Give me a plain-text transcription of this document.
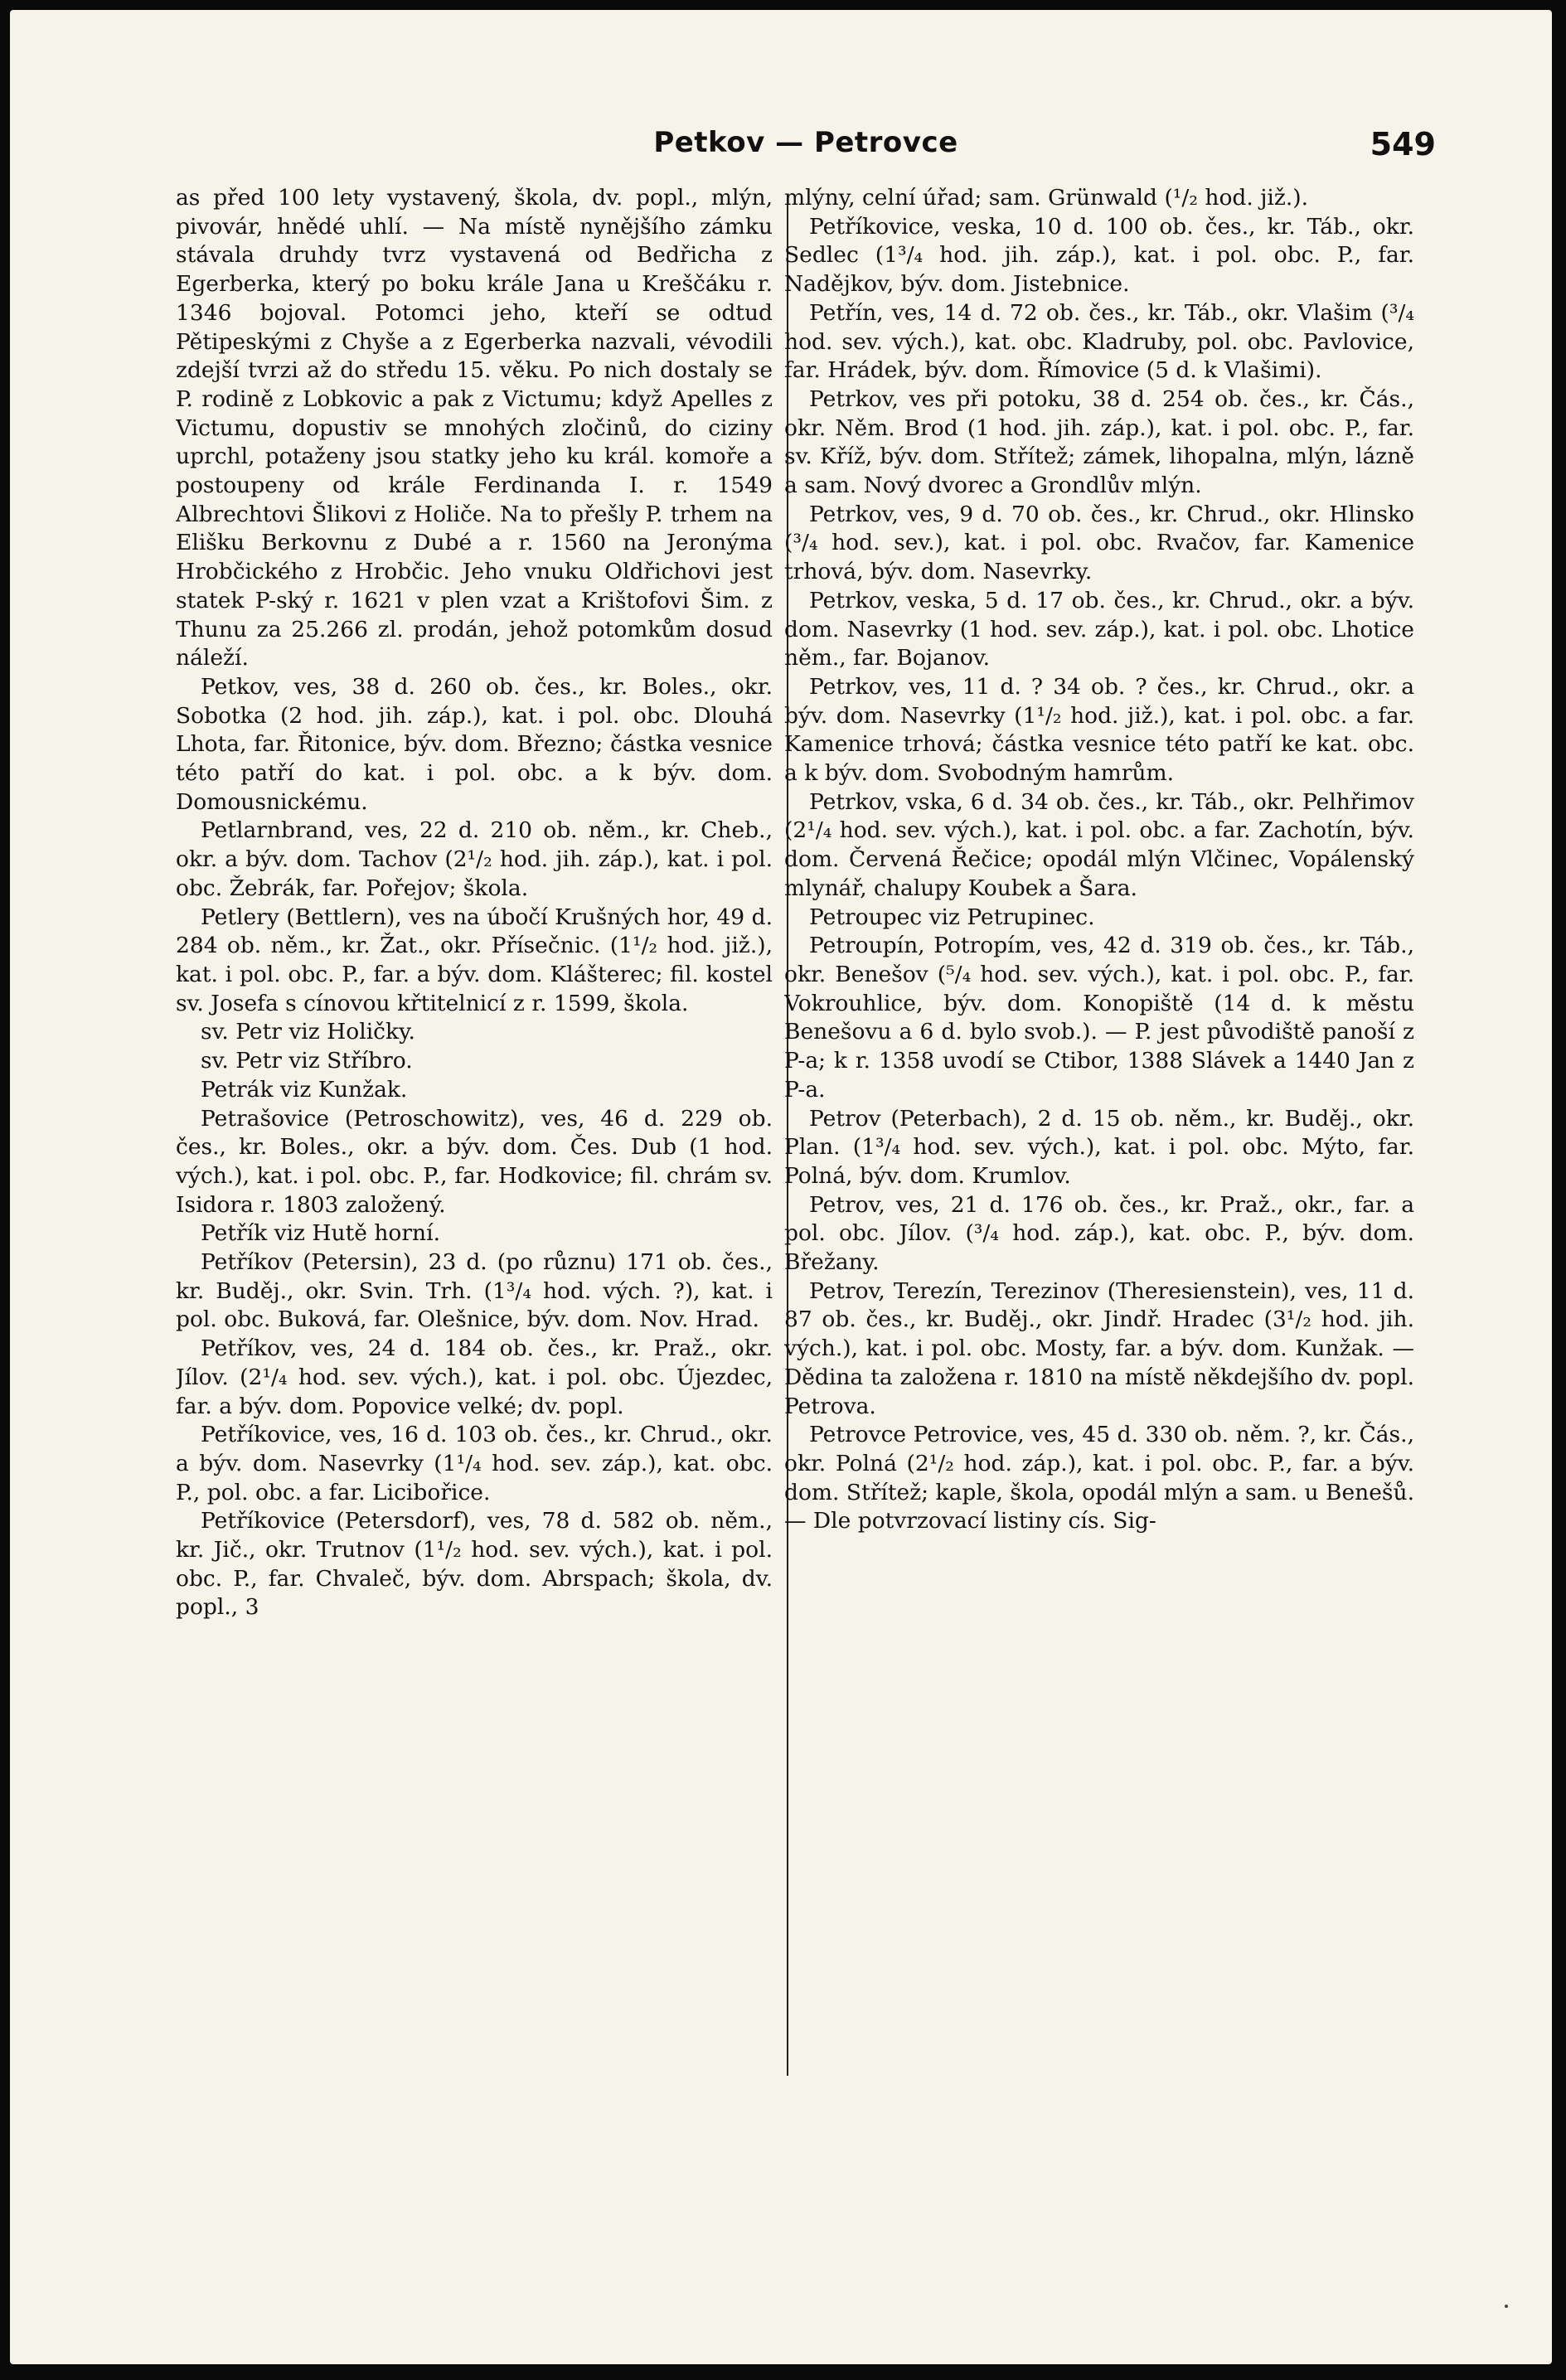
Petkov — Petrovce	549

as před 100 lety vystavený, škola, dv. popl., mlýn, pivovár, hnědé uhlí. — Na místě nynějšího zámku stávala druhdy tvrz vystavená od Bedřicha z Egerberka, který po boku krále Jana u Kreščáku r. 1346 bojoval. Potomci jeho, kteří se odtud Pětipeskými z Chyše a z Egerberka nazvali, vévodili zdejší tvrzi až do středu 15. věku. Po nich dostaly se P. rodině z Lobkovic a pak z Victumu; když Apelles z Victumu, dopustiv se mnohých zločinů, do ciziny uprchl, potaženy jsou statky jeho ku král. komoře a postoupeny od krále Ferdinanda I. r. 1549 Albrechtovi Šlikovi z Holiče. Na to přešly P. trhem na Elišku Berkovnu z Dubé a r. 1560 na Jeronýma Hrobčického z Hrobčic. Jeho vnuku Oldřichovi jest statek P-ský r. 1621 v plen vzat a Krištofovi Šim. z Thunu za 25.266 zl. prodán, jehož potomkům dosud náleží.

Petkov, ves, 38 d. 260 ob. čes., kr. Boles., okr. Sobotka (2 hod. jih. záp.), kat. i pol. obc. Dlouhá Lhota, far. Řitonice, býv. dom. Březno; částka vesnice této patří do kat. i pol. obc. a k býv. dom. Domousnickému.

Petlarnbrand, ves, 22 d. 210 ob. něm., kr. Cheb., okr. a býv. dom. Tachov (2¹/₂ hod. jih. záp.), kat. i pol. obc. Žebrák, far. Pořejov; škola.

Petlery (Bettlern), ves na úbočí Krušných hor, 49 d. 284 ob. něm., kr. Žat., okr. Přísečnic. (1¹/₂ hod. již.), kat. i pol. obc. P., far. a býv. dom. Klášterec; fil. kostel sv. Josefa s cínovou křtitelnicí z r. 1599, škola.

sv. Petr viz Holičky.

sv. Petr viz Stříbro.

Petrák viz Kunžak.

Petrašovice (Petroschowitz), ves, 46 d. 229 ob. čes., kr. Boles., okr. a býv. dom. Čes. Dub (1 hod. vých.), kat. i pol. obc. P., far. Hodkovice; fil. chrám sv. Isidora r. 1803 založený.

Petřík viz Hutě horní.

Petříkov (Petersin), 23 d. (po různu) 171 ob. čes., kr. Buděj., okr. Svin. Trh. (1³/₄ hod. vých. ?), kat. i pol. obc. Buková, far. Olešnice, býv. dom. Nov. Hrad.

Petříkov, ves, 24 d. 184 ob. čes., kr. Praž., okr. Jílov. (2¹/₄ hod. sev. vých.), kat. i pol. obc. Újezdec, far. a býv. dom. Popovice velké; dv. popl.

Petříkovice, ves, 16 d. 103 ob. čes., kr. Chrud., okr. a býv. dom. Nasevrky (1¹/₄ hod. sev. záp.), kat. obc. P., pol. obc. a far. Licibořice.

Petříkovice (Petersdorf), ves, 78 d. 582 ob. něm., kr. Jič., okr. Trutnov (1¹/₂ hod. sev. vých.), kat. i pol. obc. P., far. Chvaleč, býv. dom. Abrspach; škola, dv. popl., 3

mlýny, celní úřad; sam. Grünwald (¹/₂ hod. již.).

Petříkovice, veska, 10 d. 100 ob. čes., kr. Táb., okr. Sedlec (1³/₄ hod. jih. záp.), kat. i pol. obc. P., far. Nadějkov, býv. dom. Jistebnice.

Petřín, ves, 14 d. 72 ob. čes., kr. Táb., okr. Vlašim (³/₄ hod. sev. vých.), kat. obc. Kladruby, pol. obc. Pavlovice, far. Hrádek, býv. dom. Římovice (5 d. k Vlašimi).

Petrkov, ves při potoku, 38 d. 254 ob. čes., kr. Čás., okr. Něm. Brod (1 hod. jih. záp.), kat. i pol. obc. P., far. sv. Kříž, býv. dom. Střítež; zámek, lihopalna, mlýn, lázně a sam. Nový dvorec a Grondlův mlýn.

Petrkov, ves, 9 d. 70 ob. čes., kr. Chrud., okr. Hlinsko (³/₄ hod. sev.), kat. i pol. obc. Rvačov, far. Kamenice trhová, býv. dom. Nasevrky.

Petrkov, veska, 5 d. 17 ob. čes., kr. Chrud., okr. a býv. dom. Nasevrky (1 hod. sev. záp.), kat. i pol. obc. Lhotice něm., far. Bojanov.

Petrkov, ves, 11 d. ? 34 ob. ? čes., kr. Chrud., okr. a býv. dom. Nasevrky (1¹/₂ hod. již.), kat. i pol. obc. a far. Kamenice trhová; částka vesnice této patří ke kat. obc. a k býv. dom. Svobodným hamrům.

Petrkov, vska, 6 d. 34 ob. čes., kr. Táb., okr. Pelhřimov (2¹/₄ hod. sev. vých.), kat. i pol. obc. a far. Zachotín, býv. dom. Červená Řečice; opodál mlýn Vlčinec, Vopálenský mlynář, chalupy Koubek a Šara.

Petroupec viz Petrupinec.

Petroupín, Potropím, ves, 42 d. 319 ob. čes., kr. Táb., okr. Benešov (⁵/₄ hod. sev. vých.), kat. i pol. obc. P., far. Vokrouhlice, býv. dom. Konopiště (14 d. k městu Benešovu a 6 d. bylo svob.). — P. jest původiště panoší z P-a; k r. 1358 uvodí se Ctibor, 1388 Slávek a 1440 Jan z P-a.

Petrov (Peterbach), 2 d. 15 ob. něm., kr. Buděj., okr. Plan. (1³/₄ hod. sev. vých.), kat. i pol. obc. Mýto, far. Polná, býv. dom. Krumlov.

Petrov, ves, 21 d. 176 ob. čes., kr. Praž., okr., far. a pol. obc. Jílov. (³/₄ hod. záp.), kat. obc. P., býv. dom. Břežany.

Petrov, Terezín, Terezinov (Theresienstein), ves, 11 d. 87 ob. čes., kr. Buděj., okr. Jindř. Hradec (3¹/₂ hod. jih. vých.), kat. i pol. obc. Mosty, far. a býv. dom. Kunžak. — Dědina ta založena r. 1810 na místě někdejšího dv. popl. Petrova.

Petrovce Petrovice, ves, 45 d. 330 ob. něm. ?, kr. Čás., okr. Polná (2¹/₂ hod. záp.), kat. i pol. obc. P., far. a býv. dom. Střítež; kaple, škola, opodál mlýn a sam. u Benešů. — Dle potvrzovací listiny cís. Sig-
